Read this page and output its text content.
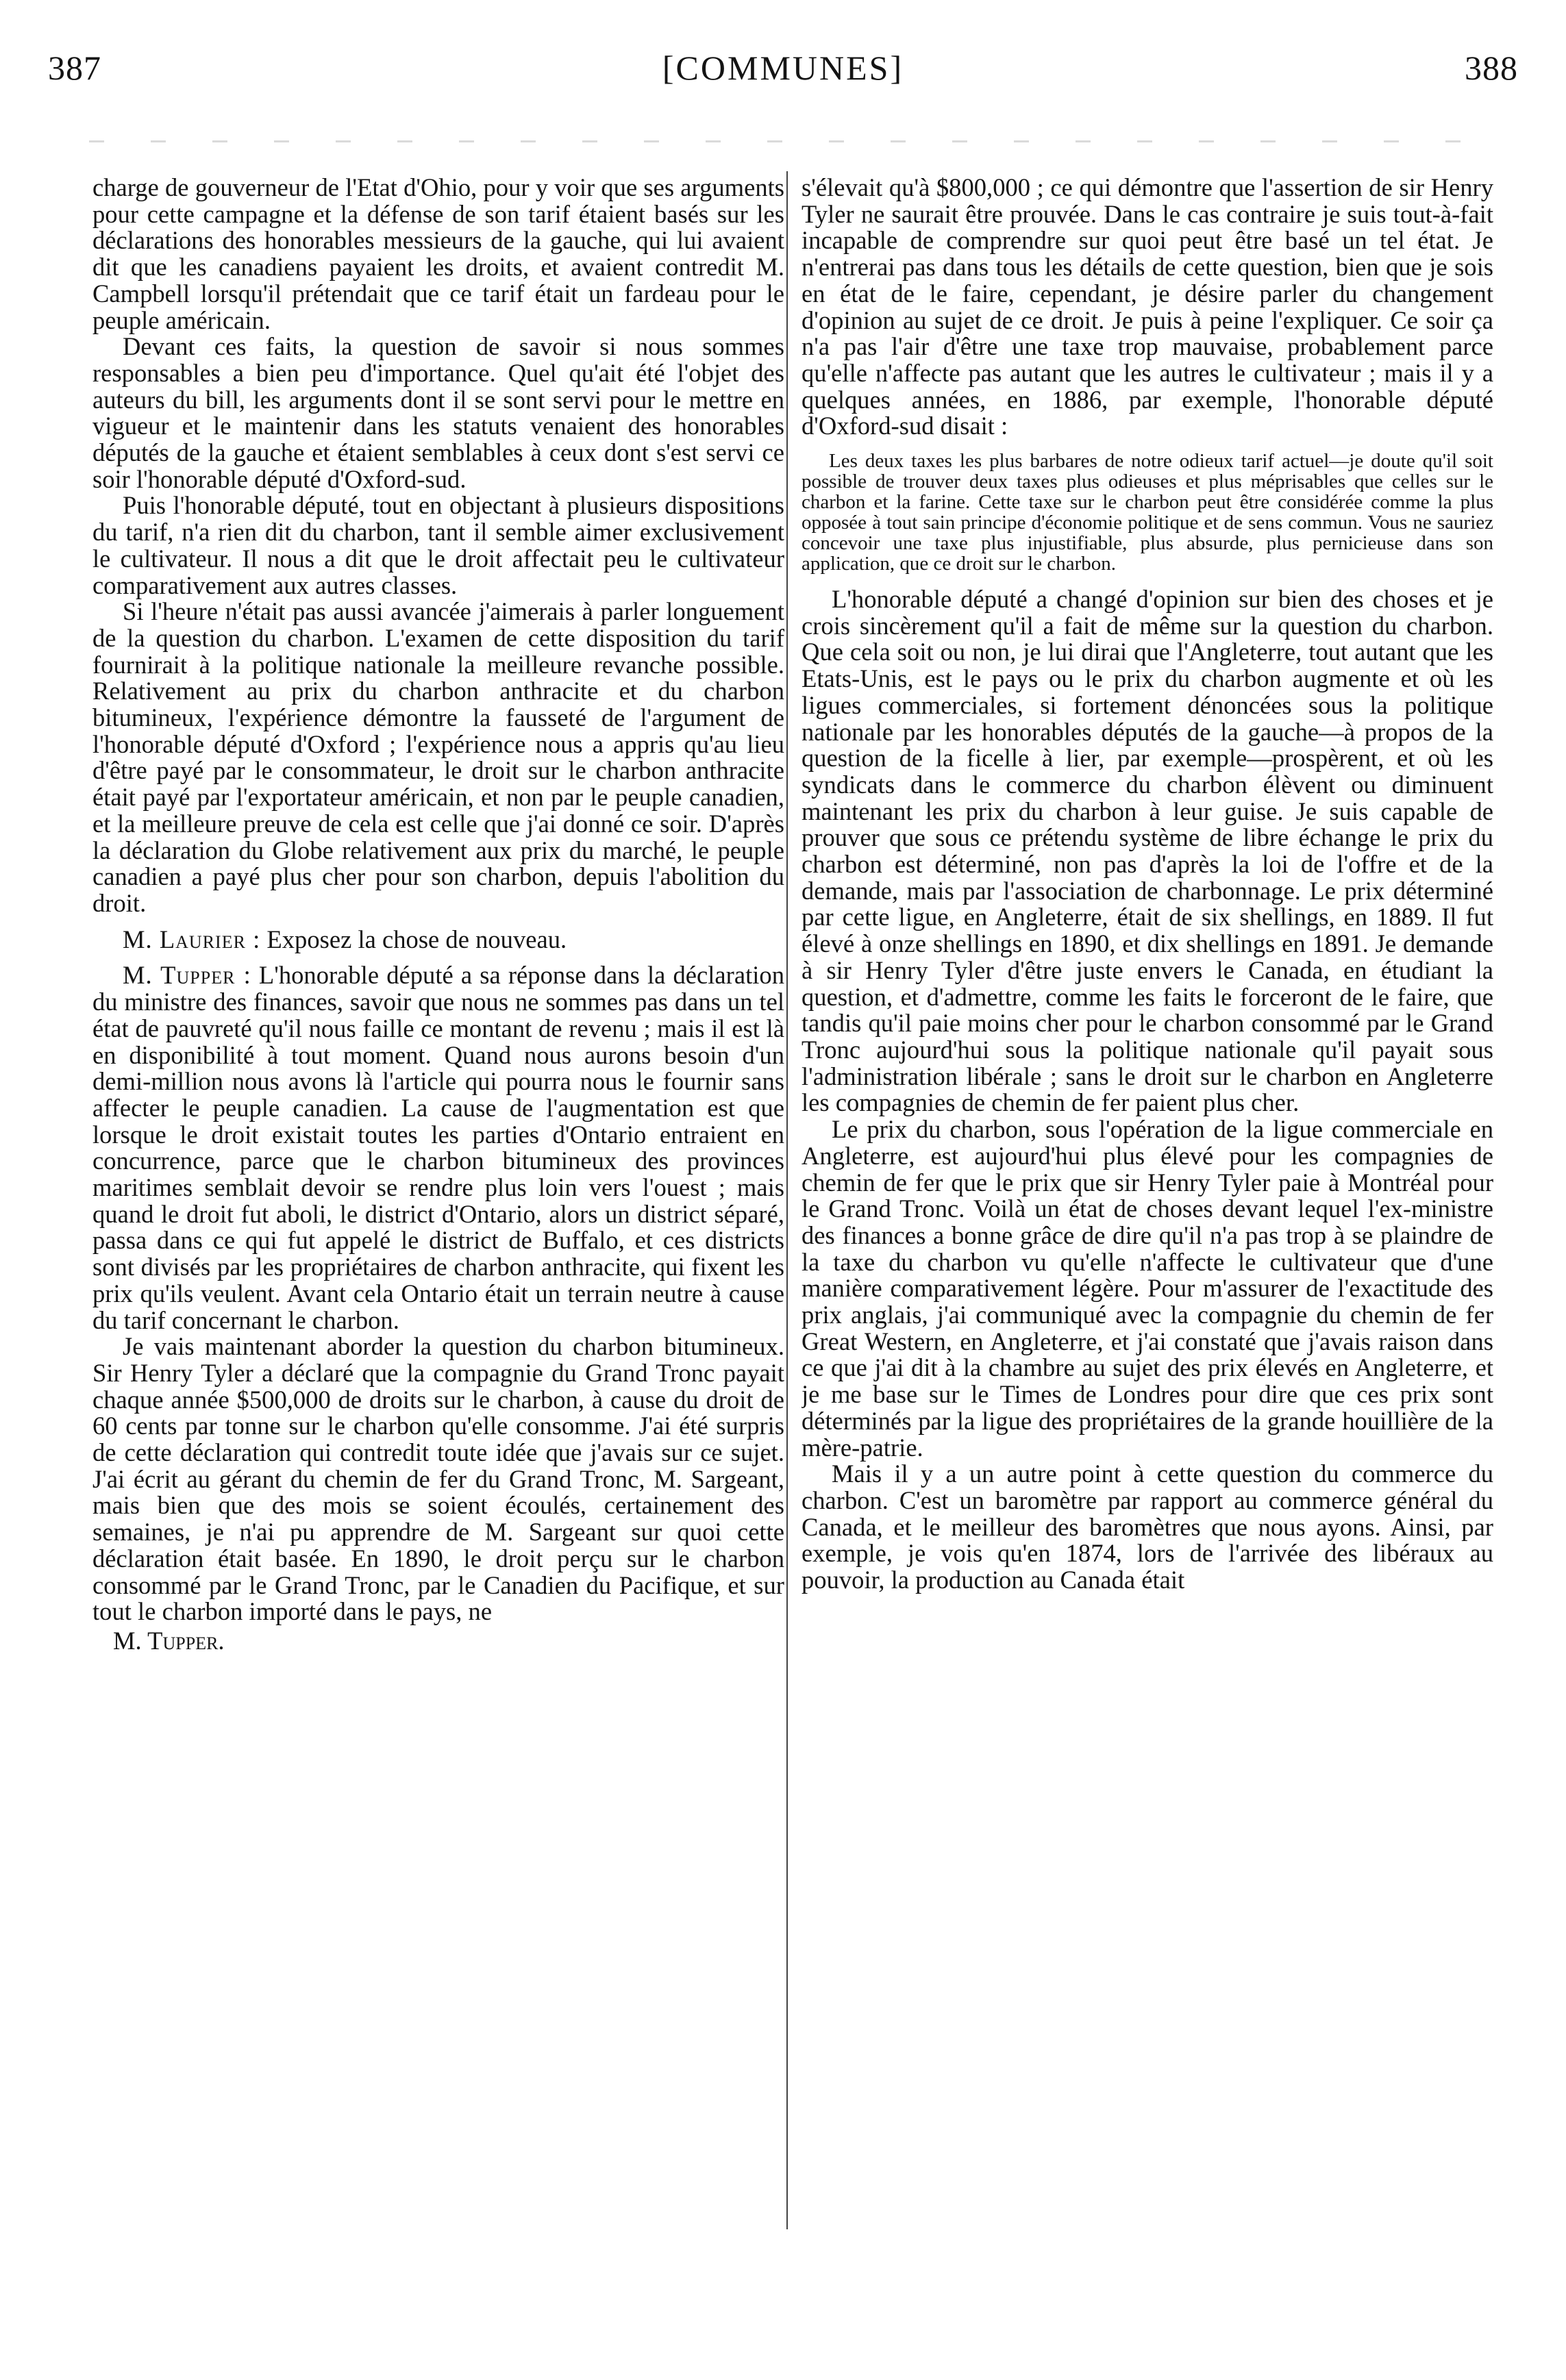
387	[COMMUNES]	388

charge de gouverneur de l'Etat d'Ohio, pour y voir que ses arguments pour cette campagne et la défense de son tarif étaient basés sur les déclarations des honorables messieurs de la gauche, qui lui avaient dit que les canadiens payaient les droits, et avaient contredit M. Campbell lorsqu'il prétendait que ce tarif était un fardeau pour le peuple américain.

Devant ces faits, la question de savoir si nous sommes responsables a bien peu d'importance. Quel qu'ait été l'objet des auteurs du bill, les arguments dont il se sont servi pour le mettre en vigueur et le maintenir dans les statuts venaient des honorables députés de la gauche et étaient semblables à ceux dont s'est servi ce soir l'honorable député d'Oxford-sud.

Puis l'honorable député, tout en objectant à plusieurs dispositions du tarif, n'a rien dit du charbon, tant il semble aimer exclusivement le cultivateur. Il nous a dit que le droit affectait peu le cultivateur comparativement aux autres classes.

Si l'heure n'était pas aussi avancée j'aimerais à parler longuement de la question du charbon. L'examen de cette disposition du tarif fournirait à la politique nationale la meilleure revanche possible. Relativement au prix du charbon anthracite et du charbon bitumineux, l'expérience démontre la fausseté de l'argument de l'honorable député d'Oxford ; l'expérience nous a appris qu'au lieu d'être payé par le consommateur, le droit sur le charbon anthracite était payé par l'exportateur américain, et non par le peuple canadien, et la meilleure preuve de cela est celle que j'ai donné ce soir. D'après la déclaration du Globe relativement aux prix du marché, le peuple canadien a payé plus cher pour son charbon, depuis l'abolition du droit.

M. Laurier : Exposez la chose de nouveau.

M. Tupper : L'honorable député a sa réponse dans la déclaration du ministre des finances, savoir que nous ne sommes pas dans un tel état de pauvreté qu'il nous faille ce montant de revenu ; mais il est là en disponibilité à tout moment. Quand nous aurons besoin d'un demi-million nous avons là l'article qui pourra nous le fournir sans affecter le peuple canadien. La cause de l'augmentation est que lorsque le droit existait toutes les parties d'Ontario entraient en concurrence, parce que le charbon bitumineux des provinces maritimes semblait devoir se rendre plus loin vers l'ouest ; mais quand le droit fut aboli, le district d'Ontario, alors un district séparé, passa dans ce qui fut appelé le district de Buffalo, et ces districts sont divisés par les propriétaires de charbon anthracite, qui fixent les prix qu'ils veulent. Avant cela Ontario était un terrain neutre à cause du tarif concernant le charbon.

Je vais maintenant aborder la question du charbon bitumineux. Sir Henry Tyler a déclaré que la compagnie du Grand Tronc payait chaque année $500,000 de droits sur le charbon, à cause du droit de 60 cents par tonne sur le charbon qu'elle consomme. J'ai été surpris de cette déclaration qui contredit toute idée que j'avais sur ce sujet. J'ai écrit au gérant du chemin de fer du Grand Tronc, M. Sargeant, mais bien que des mois se soient écoulés, certainement des semaines, je n'ai pu apprendre de M. Sargeant sur quoi cette déclaration était basée. En 1890, le droit perçu sur le charbon consommé par le Grand Tronc, par le Canadien du Pacifique, et sur tout le charbon importé dans le pays, ne

M. Tupper.

s'élevait qu'à $800,000 ; ce qui démontre que l'assertion de sir Henry Tyler ne saurait être prouvée. Dans le cas contraire je suis tout-à-fait incapable de comprendre sur quoi peut être basé un tel état. Je n'entrerai pas dans tous les détails de cette question, bien que je sois en état de le faire, cependant, je désire parler du changement d'opinion au sujet de ce droit. Je puis à peine l'expliquer. Ce soir ça n'a pas l'air d'être une taxe trop mauvaise, probablement parce qu'elle n'affecte pas autant que les autres le cultivateur ; mais il y a quelques années, en 1886, par exemple, l'honorable député d'Oxford-sud disait :

Les deux taxes les plus barbares de notre odieux tarif actuel—je doute qu'il soit possible de trouver deux taxes plus odieuses et plus méprisables que celles sur le charbon et la farine. Cette taxe sur le charbon peut être considérée comme la plus opposée à tout sain principe d'économie politique et de sens commun. Vous ne sauriez concevoir une taxe plus injustifiable, plus absurde, plus pernicieuse dans son application, que ce droit sur le charbon.

L'honorable député a changé d'opinion sur bien des choses et je crois sincèrement qu'il a fait de même sur la question du charbon. Que cela soit ou non, je lui dirai que l'Angleterre, tout autant que les Etats-Unis, est le pays ou le prix du charbon augmente et où les ligues commerciales, si fortement dénoncées sous la politique nationale par les honorables députés de la gauche—à propos de la question de la ficelle à lier, par exemple—prospèrent, et où les syndicats dans le commerce du charbon élèvent ou diminuent maintenant les prix du charbon à leur guise. Je suis capable de prouver que sous ce prétendu système de libre échange le prix du charbon est déterminé, non pas d'après la loi de l'offre et de la demande, mais par l'association de charbonnage. Le prix déterminé par cette ligue, en Angleterre, était de six shellings, en 1889. Il fut élevé à onze shellings en 1890, et dix shellings en 1891. Je demande à sir Henry Tyler d'être juste envers le Canada, en étudiant la question, et d'admettre, comme les faits le forceront de le faire, que tandis qu'il paie moins cher pour le charbon consommé par le Grand Tronc aujourd'hui sous la politique nationale qu'il payait sous l'administration libérale ; sans le droit sur le charbon en Angleterre les compagnies de chemin de fer paient plus cher.

Le prix du charbon, sous l'opération de la ligue commerciale en Angleterre, est aujourd'hui plus élevé pour les compagnies de chemin de fer que le prix que sir Henry Tyler paie à Montréal pour le Grand Tronc. Voilà un état de choses devant lequel l'ex-ministre des finances a bonne grâce de dire qu'il n'a pas trop à se plaindre de la taxe du charbon vu qu'elle n'affecte le cultivateur que d'une manière comparativement légère. Pour m'assurer de l'exactitude des prix anglais, j'ai communiqué avec la compagnie du chemin de fer Great Western, en Angleterre, et j'ai constaté que j'avais raison dans ce que j'ai dit à la chambre au sujet des prix élevés en Angleterre, et je me base sur le Times de Londres pour dire que ces prix sont déterminés par la ligue des propriétaires de la grande houillière de la mère-patrie.

Mais il y a un autre point à cette question du commerce du charbon. C'est un baromètre par rapport au commerce général du Canada, et le meilleur des baromètres que nous ayons. Ainsi, par exemple, je vois qu'en 1874, lors de l'arrivée des libéraux au pouvoir, la production au Canada était
